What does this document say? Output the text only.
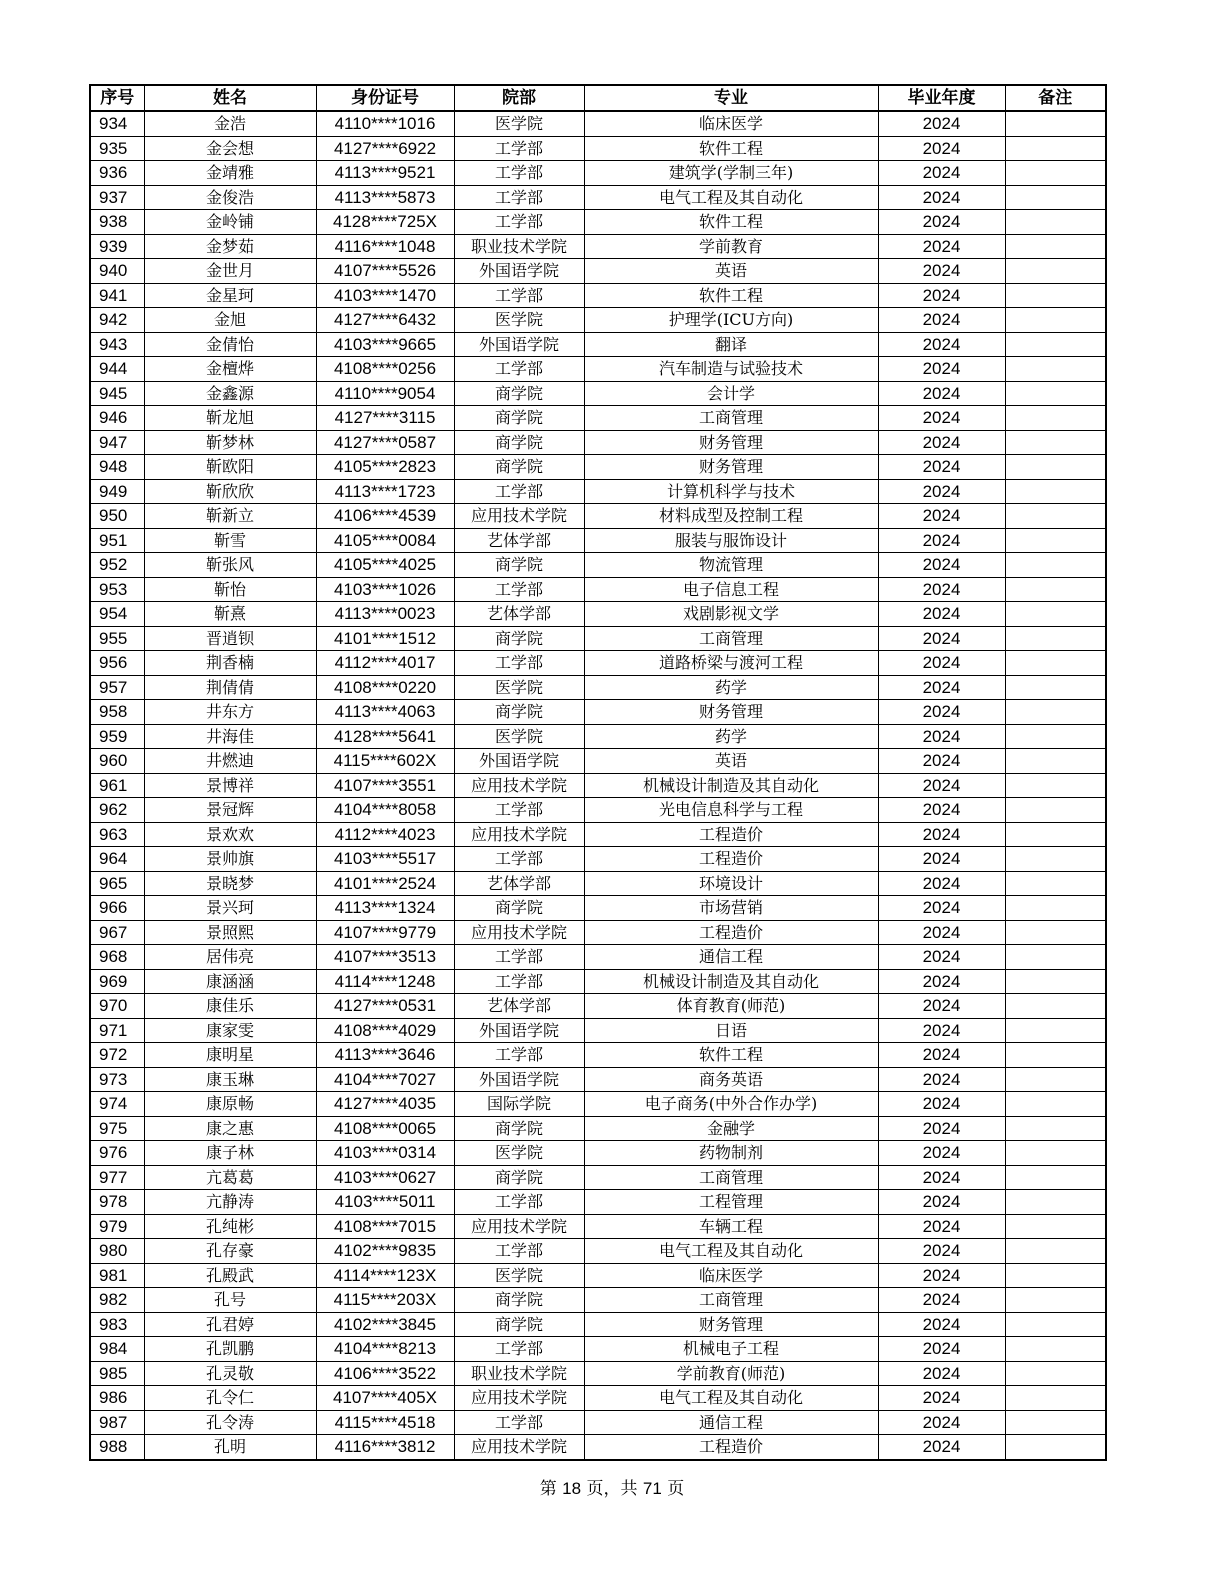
序号	姓名	身份证号	院部	专业	毕业年度	备注
934	金浩	4110****1016	医学院	临床医学	2024	
935	金会想	4127****6922	工学部	软件工程	2024	
936	金靖雅	4113****9521	工学部	建筑学(学制三年)	2024	
937	金俊浩	4113****5873	工学部	电气工程及其自动化	2024	
938	金岭铺	4128****725X	工学部	软件工程	2024	
939	金梦茹	4116****1048	职业技术学院	学前教育	2024	
940	金世月	4107****5526	外国语学院	英语	2024	
941	金星珂	4103****1470	工学部	软件工程	2024	
942	金旭	4127****6432	医学院	护理学(ICU方向)	2024	
943	金倩怡	4103****9665	外国语学院	翻译	2024	
944	金檀烨	4108****0256	工学部	汽车制造与试验技术	2024	
945	金鑫源	4110****9054	商学院	会计学	2024	
946	靳龙旭	4127****3115	商学院	工商管理	2024	
947	靳梦林	4127****0587	商学院	财务管理	2024	
948	靳欧阳	4105****2823	商学院	财务管理	2024	
949	靳欣欣	4113****1723	工学部	计算机科学与技术	2024	
950	靳新立	4106****4539	应用技术学院	材料成型及控制工程	2024	
951	靳雪	4105****0084	艺体学部	服装与服饰设计	2024	
952	靳张风	4105****4025	商学院	物流管理	2024	
953	靳怡	4103****1026	工学部	电子信息工程	2024	
954	靳熹	4113****0023	艺体学部	戏剧影视文学	2024	
955	晋逍钡	4101****1512	商学院	工商管理	2024	
956	荆香楠	4112****4017	工学部	道路桥梁与渡河工程	2024	
957	荆倩倩	4108****0220	医学院	药学	2024	
958	井东方	4113****4063	商学院	财务管理	2024	
959	井海佳	4128****5641	医学院	药学	2024	
960	井燃迪	4115****602X	外国语学院	英语	2024	
961	景博祥	4107****3551	应用技术学院	机械设计制造及其自动化	2024	
962	景冠辉	4104****8058	工学部	光电信息科学与工程	2024	
963	景欢欢	4112****4023	应用技术学院	工程造价	2024	
964	景帅旗	4103****5517	工学部	工程造价	2024	
965	景晓梦	4101****2524	艺体学部	环境设计	2024	
966	景兴珂	4113****1324	商学院	市场营销	2024	
967	景照熙	4107****9779	应用技术学院	工程造价	2024	
968	居伟亮	4107****3513	工学部	通信工程	2024	
969	康涵涵	4114****1248	工学部	机械设计制造及其自动化	2024	
970	康佳乐	4127****0531	艺体学部	体育教育(师范)	2024	
971	康家雯	4108****4029	外国语学院	日语	2024	
972	康明星	4113****3646	工学部	软件工程	2024	
973	康玉琳	4104****7027	外国语学院	商务英语	2024	
974	康原畅	4127****4035	国际学院	电子商务(中外合作办学)	2024	
975	康之惠	4108****0065	商学院	金融学	2024	
976	康子林	4103****0314	医学院	药物制剂	2024	
977	亢葛葛	4103****0627	商学院	工商管理	2024	
978	亢静涛	4103****5011	工学部	工程管理	2024	
979	孔纯彬	4108****7015	应用技术学院	车辆工程	2024	
980	孔存豪	4102****9835	工学部	电气工程及其自动化	2024	
981	孔殿武	4114****123X	医学院	临床医学	2024	
982	孔号	4115****203X	商学院	工商管理	2024	
983	孔君婷	4102****3845	商学院	财务管理	2024	
984	孔凯鹏	4104****8213	工学部	机械电子工程	2024	
985	孔灵敬	4106****3522	职业技术学院	学前教育(师范)	2024	
986	孔令仁	4107****405X	应用技术学院	电气工程及其自动化	2024	
987	孔令涛	4115****4518	工学部	通信工程	2024	
988	孔明	4116****3812	应用技术学院	工程造价	2024	
第 18 页，共 71 页
